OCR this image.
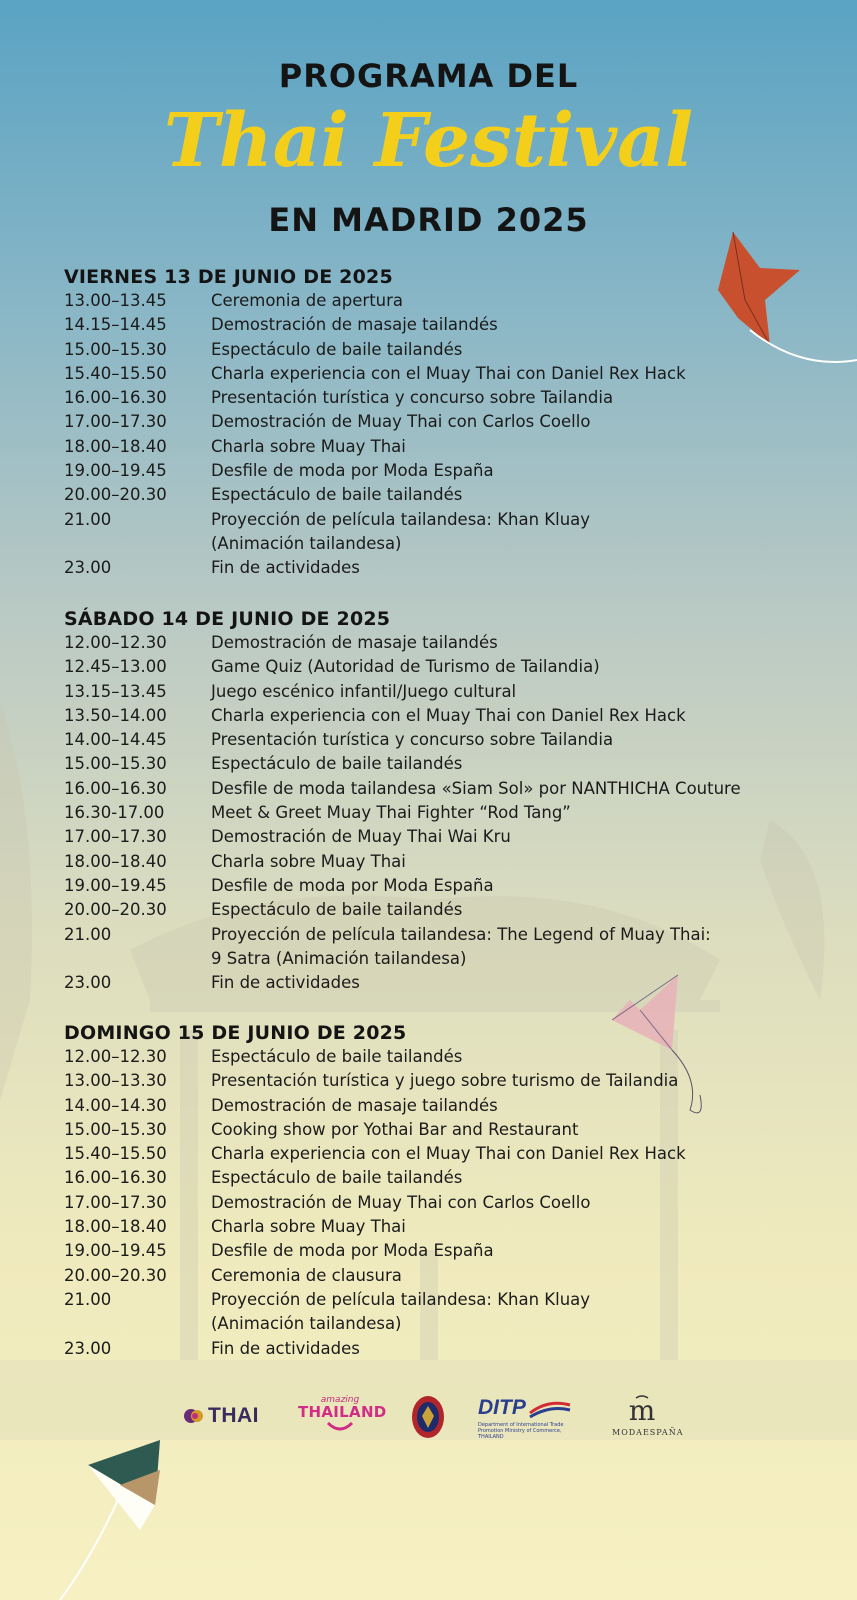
PROGRAMA DEL
Thai Festival
EN MADRID 2025
VIERNES 13 DE JUNIO DE 2025
13.00–13.45	Ceremonia de apertura
14.15–14.45	Demostración de masaje tailandés
15.00–15.30	Espectáculo de baile tailandés
15.40–15.50	Charla experiencia con el Muay Thai con Daniel Rex Hack
16.00–16.30	Presentación turística y concurso sobre Tailandia
17.00–17.30	Demostración de Muay Thai con Carlos Coello
18.00–18.40	Charla sobre Muay Thai
19.00–19.45	Desfile de moda por Moda España
20.00–20.30	Espectáculo de baile tailandés
21.00	Proyección de película tailandesa: Khan Kluay
(Animación tailandesa)
23.00	Fin de actividades
SÁBADO 14 DE JUNIO DE 2025
12.00–12.30	Demostración de masaje tailandés
12.45–13.00	Game Quiz (Autoridad de Turismo de Tailandia)
13.15–13.45	Juego escénico infantil/Juego cultural
13.50–14.00	Charla experiencia con el Muay Thai con Daniel Rex Hack
14.00–14.45	Presentación turística y concurso sobre Tailandia
15.00–15.30	Espectáculo de baile tailandés
16.00–16.30	Desfile de moda tailandesa «Siam Sol» por NANTHICHA Couture
16.30-17.00	Meet & Greet Muay Thai Fighter “Rod Tang”
17.00–17.30	Demostración de Muay Thai Wai Kru
18.00–18.40	Charla sobre Muay Thai
19.00–19.45	Desfile de moda por Moda España
20.00–20.30	Espectáculo de baile tailandés
21.00	Proyección de película tailandesa: The Legend of Muay Thai:
9 Satra (Animación tailandesa)
23.00	Fin de actividades
DOMINGO 15 DE JUNIO DE 2025
12.00–12.30	Espectáculo de baile tailandés
13.00–13.30	Presentación turística y juego sobre turismo de Tailandia
14.00–14.30	Demostración de masaje tailandés
15.00–15.30	Cooking show por Yothai Bar and Restaurant
15.40–15.50	Charla experiencia con el Muay Thai con Daniel Rex Hack
16.00–16.30	Espectáculo de baile tailandés
17.00–17.30	Demostración de Muay Thai con Carlos Coello
18.00–18.40	Charla sobre Muay Thai
19.00–19.45	Desfile de moda por Moda España
20.00–20.30	Ceremonia de clausura
21.00	Proyección de película tailandesa: Khan Kluay
(Animación tailandesa)
23.00	Fin de actividades
THAI
amazing
THAILAND	DITP
Department of International Trade Promotion Ministry of Commerce, THAILAND
m
MODAESPAÑA
